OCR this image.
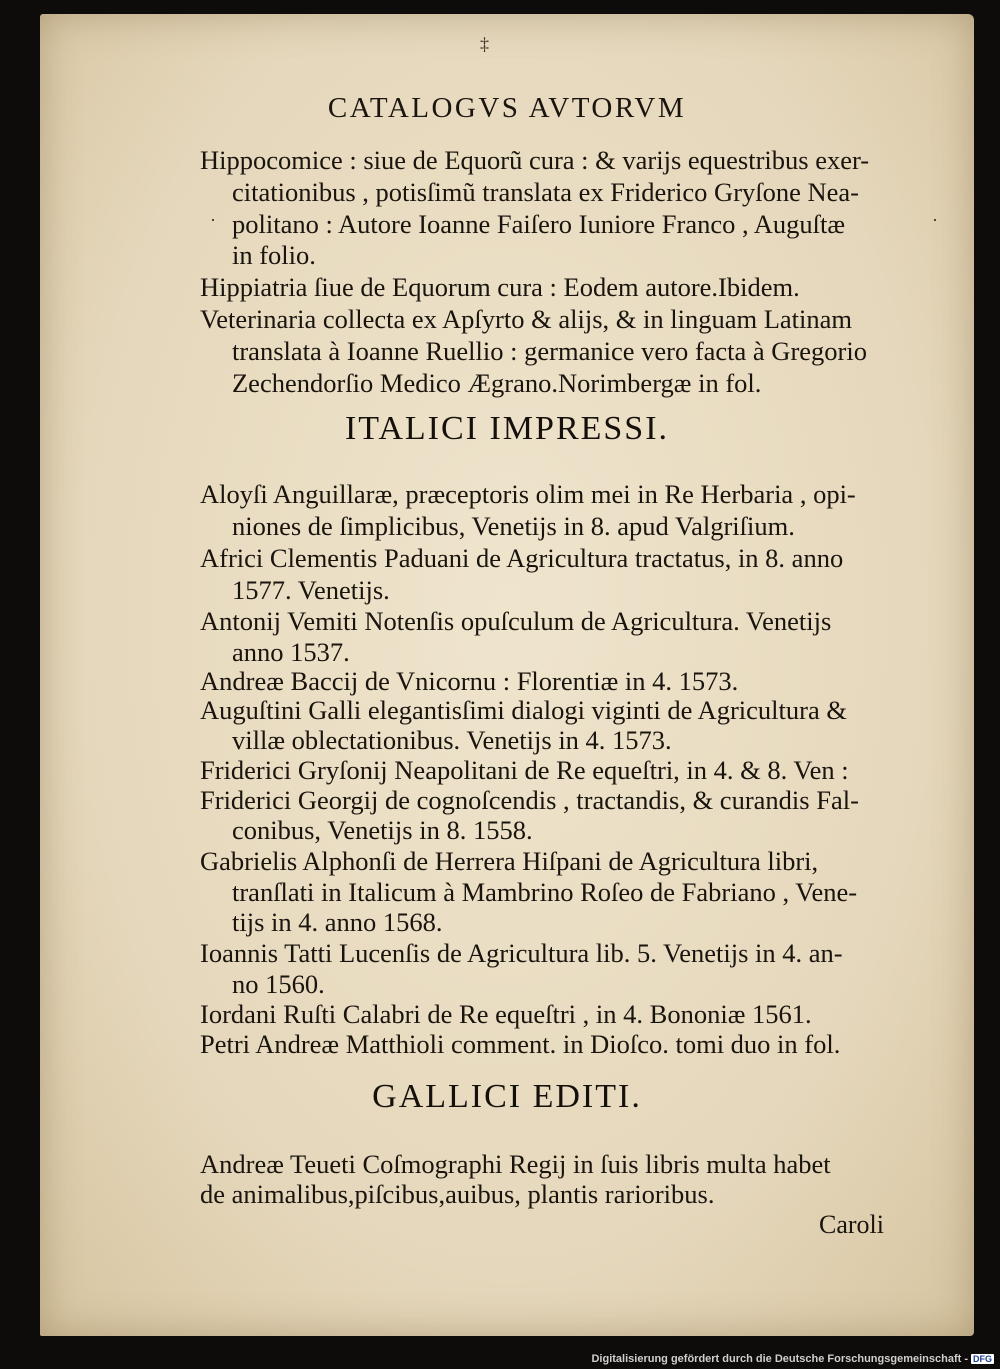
‡
·	·
CATALOGVS AVTORVM
Hippocomice : siue de Equorũ cura : & varijs equestribus exer-
citationibus , potisſimũ translata ex Friderico Gryſone Nea-
politano : Autore Ioanne Faiſero Iuniore Franco , Auguſtæ
in folio.
Hippiatria ſiue de Equorum cura : Eodem autore.Ibidem.
Veterinaria collecta ex Apſyrto & alijs, & in linguam Latinam
translata à Ioanne Ruellio : germanice vero facta à Gregorio
Zechendorſio Medico Ægrano.Norimbergæ in fol.
ITALICI IMPRESSI.
Aloyſi Anguillaræ, præceptoris olim mei in Re Herbaria , opi-
niones de ſimplicibus, Venetijs in 8. apud Valgriſium.
Africi Clementis Paduani de Agricultura tractatus, in 8. anno
1577. Venetijs.
Antonij Vemiti Notenſis opuſculum de Agricultura. Venetijs
anno 1537.
Andreæ Baccij de Vnicornu : Florentiæ in 4. 1573.
Auguſtini Galli elegantisſimi dialogi viginti de Agricultura &
villæ oblectationibus. Venetijs in 4. 1573.
Friderici Gryſonij Neapolitani de Re equeſtri, in 4. & 8. Ven :
Friderici Georgij de cognoſcendis , tractandis, & curandis Fal-
conibus, Venetijs in 8. 1558.
Gabrielis Alphonſi de Herrera Hiſpani de Agricultura libri,
tranſlati in Italicum à Mambrino Roſeo de Fabriano , Vene-
tijs in 4. anno 1568.
Ioannis Tatti Lucenſis de Agricultura lib. 5. Venetijs in 4. an-
no 1560.
Iordani Ruſti Calabri de Re equeſtri , in 4. Bononiæ 1561.
Petri Andreæ Matthioli comment. in Dioſco. tomi duo in fol.
GALLICI EDITI.
Andreæ Teueti Coſmographi Regij in ſuis libris multa habet
de animalibus,piſcibus,auibus, plantis rarioribus.
Caroli
Digitalisierung gefördert durch die Deutsche Forschungsgemeinschaft - DFG
